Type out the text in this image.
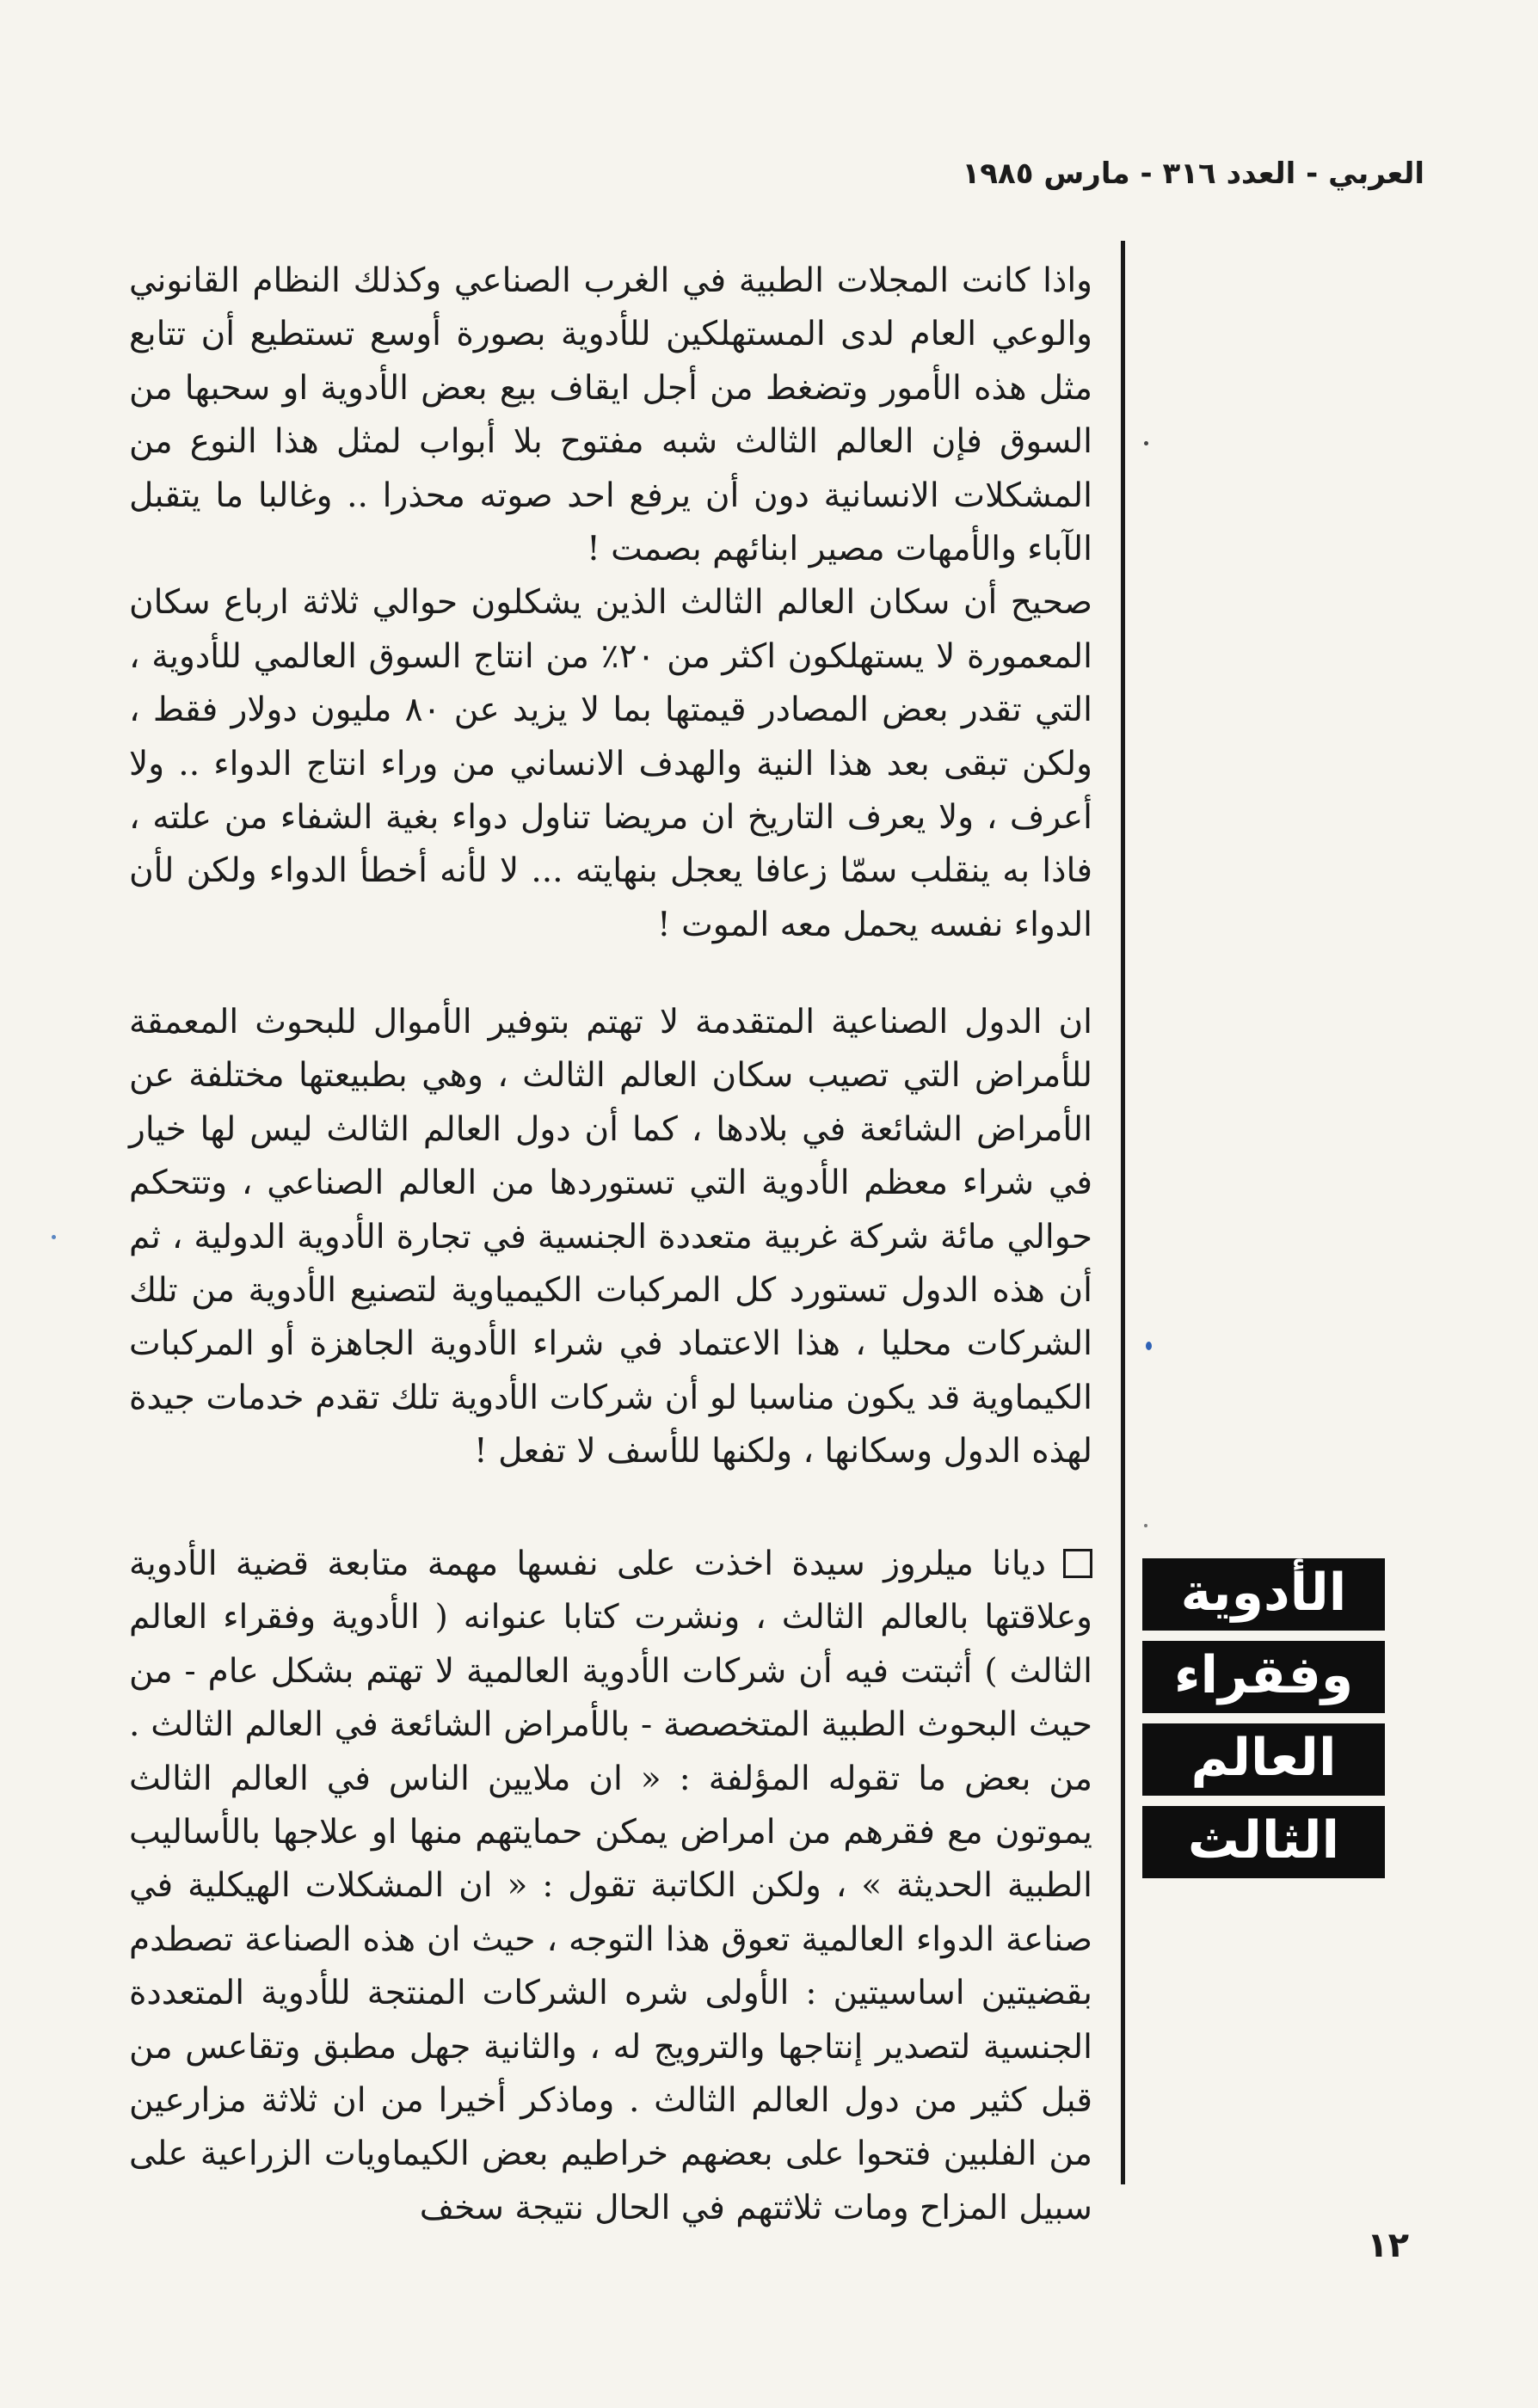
العربي - العدد ٣١٦ - مارس ١٩٨٥

واذا كانت المجلات الطبية في الغرب الصناعي وكذلك النظام القانوني والوعي العام لدى المستهلكين للأدوية بصورة أوسع تستطيع أن تتابع مثل هذه الأمور وتضغط من أجل ايقاف بيع بعض الأدوية او سحبها من السوق فإن العالم الثالث شبه مفتوح بلا أبواب لمثل هذا النوع من المشكلات الانسانية دون أن يرفع احد صوته محذرا .. وغالبا ما يتقبل الآباء والأمهات مصير ابنائهم بصمت !

صحيح أن سكان العالم الثالث الذين يشكلون حوالي ثلاثة ارباع سكان المعمورة لا يستهلكون اكثر من ٢٠٪ من انتاج السوق العالمي للأدوية ، التي تقدر بعض المصادر قيمتها بما لا يزيد عن ٨٠ مليون دولار فقط ، ولكن تبقى بعد هذا النية والهدف الانساني من وراء انتاج الدواء .. ولا أعرف ، ولا يعرف التاريخ ان مريضا تناول دواء بغية الشفاء من علته ، فاذا به ينقلب سمّا زعافا يعجل بنهايته ... لا لأنه أخطأ الدواء ولكن لأن الدواء نفسه يحمل معه الموت !

ان الدول الصناعية المتقدمة لا تهتم بتوفير الأموال للبحوث المعمقة للأمراض التي تصيب سكان العالم الثالث ، وهي بطبيعتها مختلفة عن الأمراض الشائعة في بلادها ، كما أن دول العالم الثالث ليس لها خيار في شراء معظم الأدوية التي تستوردها من العالم الصناعي ، وتتحكم حوالي مائة شركة غربية متعددة الجنسية في تجارة الأدوية الدولية ، ثم أن هذه الدول تستورد كل المركبات الكيمياوية لتصنيع الأدوية من تلك الشركات محليا ، هذا الاعتماد في شراء الأدوية الجاهزة أو المركبات الكيماوية قد يكون مناسبا لو أن شركات الأدوية تلك تقدم خدمات جيدة لهذه الدول وسكانها ، ولكنها للأسف لا تفعل !

ديانا ميلروز سيدة اخذت على نفسها مهمة متابعة قضية الأدوية وعلاقتها بالعالم الثالث ، ونشرت كتابا عنوانه ( الأدوية وفقراء العالم الثالث ) أثبتت فيه أن شركات الأدوية العالمية لا تهتم بشكل عام - من حيث البحوث الطبية المتخصصة - بالأمراض الشائعة في العالم الثالث . من بعض ما تقوله المؤلفة : « ان ملايين الناس في العالم الثالث يموتون مع فقرهم من امراض يمكن حمايتهم منها او علاجها بالأساليب الطبية الحديثة » ، ولكن الكاتبة تقول : « ان المشكلات الهيكلية في صناعة الدواء العالمية تعوق هذا التوجه ، حيث ان هذه الصناعة تصطدم بقضيتين اساسيتين : الأولى شره الشركات المنتجة للأدوية المتعددة الجنسية لتصدير إنتاجها والترويج له ، والثانية جهل مطبق وتقاعس من قبل كثير من دول العالم الثالث . وماذكر أخيرا من ان ثلاثة مزارعين من الفلبين فتحوا على بعضهم خراطيم بعض الكيماويات الزراعية على سبيل المزاح ومات ثلاثتهم في الحال نتيجة سخف

الأدوية
وفقراء
العالم
الثالث
١٢
